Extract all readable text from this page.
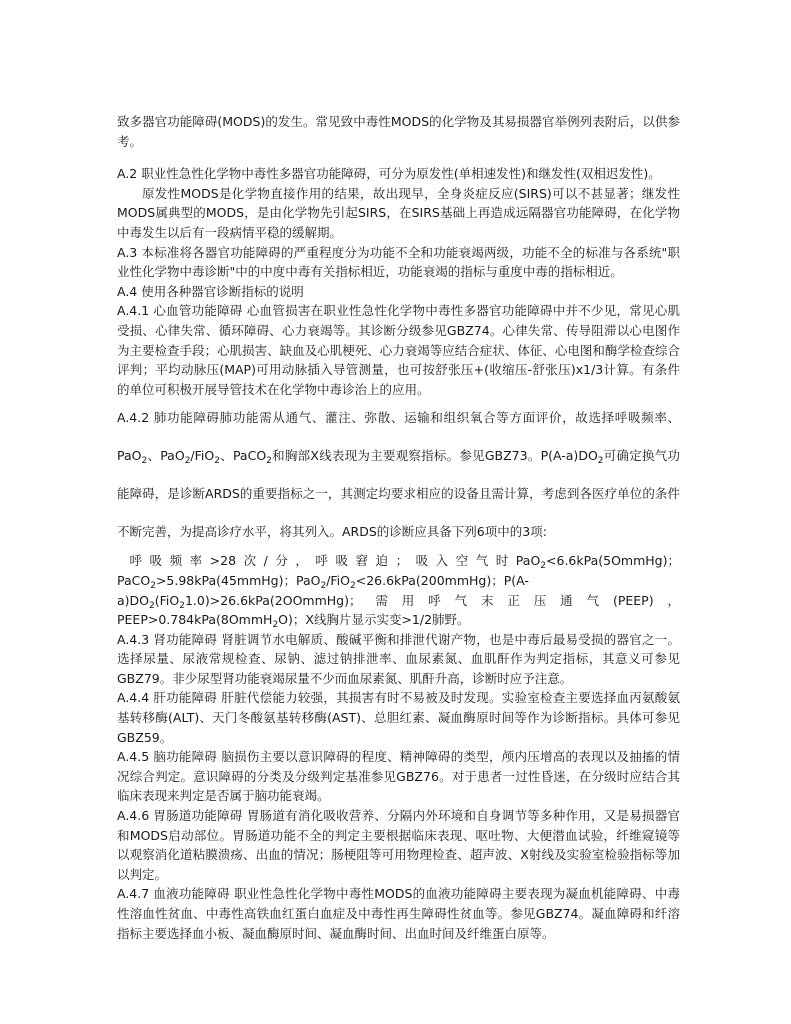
致多器官功能障碍(MODS)的发生。常见致中毒性MODS的化学物及其易损器官举例列表附后，以供参考。

A.2 职业性急性化学物中毒性多器官功能障碍，可分为原发性(单相速发性)和继发性(双相迟发性)。

原发性MODS是化学物直接作用的结果，故出现早，全身炎症反应(SIRS)可以不甚显著；继发性MODS属典型的MODS，是由化学物先引起SIRS，在SIRS基础上再造成远隔器官功能障碍，在化学物中毒发生以后有一段病情平稳的缓解期。

A.3 本标准将各器官功能障碍的严重程度分为功能不全和功能衰竭两级，功能不全的标准与各系统"职业性化学物中毒诊断"中的中度中毒有关指标相近，功能衰竭的指标与重度中毒的指标相近。

A.4 使用各种器官诊断指标的说明

A.4.1 心血管功能障碍 心血管损害在职业性急性化学物中毒性多器官功能障碍中并不少见，常见心肌受损、心律失常、循环障碍、心力衰竭等。其诊断分级参见GBZ74。心律失常、传导阻滞以心电图作为主要检查手段；心肌损害、缺血及心肌梗死、心力衰竭等应结合症状、体征、心电图和酶学检查综合评判；平均动脉压(MAP)可用动脉插入导管测量，也可按舒张压+(收缩压-舒张压)x1/3计算。有条件的单位可积极开展导管技术在化学物中毒诊治上的应用。

A.4.2 肺功能障碍肺功能需从通气、灌注、弥散、运输和组织氧合等方面评价，故选择呼吸频率、PaO$_2$、PaO$_2$/FiO$_2$、PaCO$_2$和胸部X线表现为主要观察指标。参见GBZ73。$P(A-a)DO_2$可确定换气功能障碍，是诊断ARDS的重要指标之一，其测定均要求相应的设备且需计算，考虑到各医疗单位的条件不断完善，为提高诊疗水平，将其列入。ARDS的诊断应具备下列6项中的3项:

呼吸频率>28次/分，呼吸窘迫；吸入空气时PaO$_2$<6.6kPa(5OmmHg)；PaCO$_2$>5.98kPa(45mmHg)；PaO$_2$/FiO$_2$<26.6kPa(200mmHg)；$P(A-a)DO_2(FiO_21.0)>26.6kPa(2OOmmHg)$；需用呼气末正压通气(PEEP)，PEEP>0.784kPa(8OmmH$_2$O)；X线胸片显示实变>1/2肺野。

A.4.3 肾功能障碍 肾脏调节水电解质、酸碱平衡和排泄代谢产物，也是中毒后最易受损的器官之一。选择尿量、尿液常规检查、尿钠、滤过钠排泄率、血尿素氮、血肌酐作为判定指标，其意义可参见GBZ79。非少尿型肾功能衰竭尿量不少而血尿素氮、肌酐升高，诊断时应予注意。

A.4.4 肝功能障碍 肝脏代偿能力较强，其损害有时不易被及时发现。实验室检查主要选择血丙氨酸氨基转移酶(ALT)、天门冬酸氨基转移酶(AST)、总胆红素、凝血酶原时间等作为诊断指标。具体可参见GBZ59。

A.4.5 脑功能障碍 脑损伤主要以意识障碍的程度、精神障碍的类型，颅内压增高的表现以及抽搐的情况综合判定。意识障碍的分类及分级判定基准参见GBZ76。对于患者一过性昏迷，在分级时应结合其临床表现来判定是否属于脑功能衰竭。

A.4.6 胃肠道功能障碍 胃肠道有消化吸收营养、分隔内外环境和自身调节等多种作用，又是易损器官和MODS启动部位。胃肠道功能不全的判定主要根据临床表现、呕吐物、大便潜血试验，纤维窥镜等以观察消化道粘膜溃疡、出血的情况；肠梗阻等可用物理检查、超声波、X射线及实验室检验指标等加以判定。

A.4.7 血液功能障碍 职业性急性化学物中毒性MODS的血液功能障碍主要表现为凝血机能障碍、中毒性溶血性贫血、中毒性高铁血红蛋白血症及中毒性再生障碍性贫血等。参见GBZ74。凝血障碍和纤溶指标主要选择血小板、凝血酶原时间、凝血酶时间、出血时间及纤维蛋白原等。
